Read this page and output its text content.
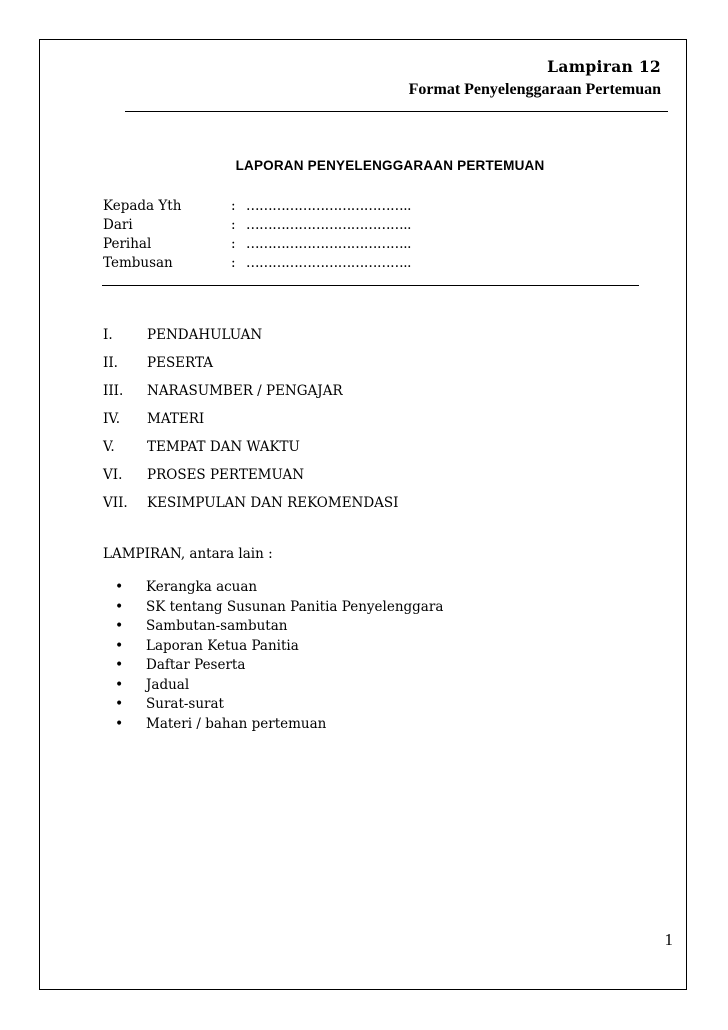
Lampiran 12
Format Penyelenggaraan Pertemuan
LAPORAN PENYELENGGARAAN PERTEMUAN
Kepada Yth	: ………………………………..
Dari	: ………………………………..
Perihal	: ………………………………..
Tembusan	: ………………………………..
I.	PENDAHULUAN
II. PESERTA
III. NARASUMBER / PENGAJAR
IV. MATERI
V. TEMPAT DAN WAKTU
VI. PROSES PERTEMUAN
VII. KESIMPULAN DAN REKOMENDASI
LAMPIRAN, antara lain :
• Kerangka acuan
• SK tentang Susunan Panitia Penyelenggara
• Sambutan-sambutan
• Laporan Ketua Panitia
• Daftar Peserta
• Jadual
• Surat-surat
• Materi / bahan pertemuan
1
